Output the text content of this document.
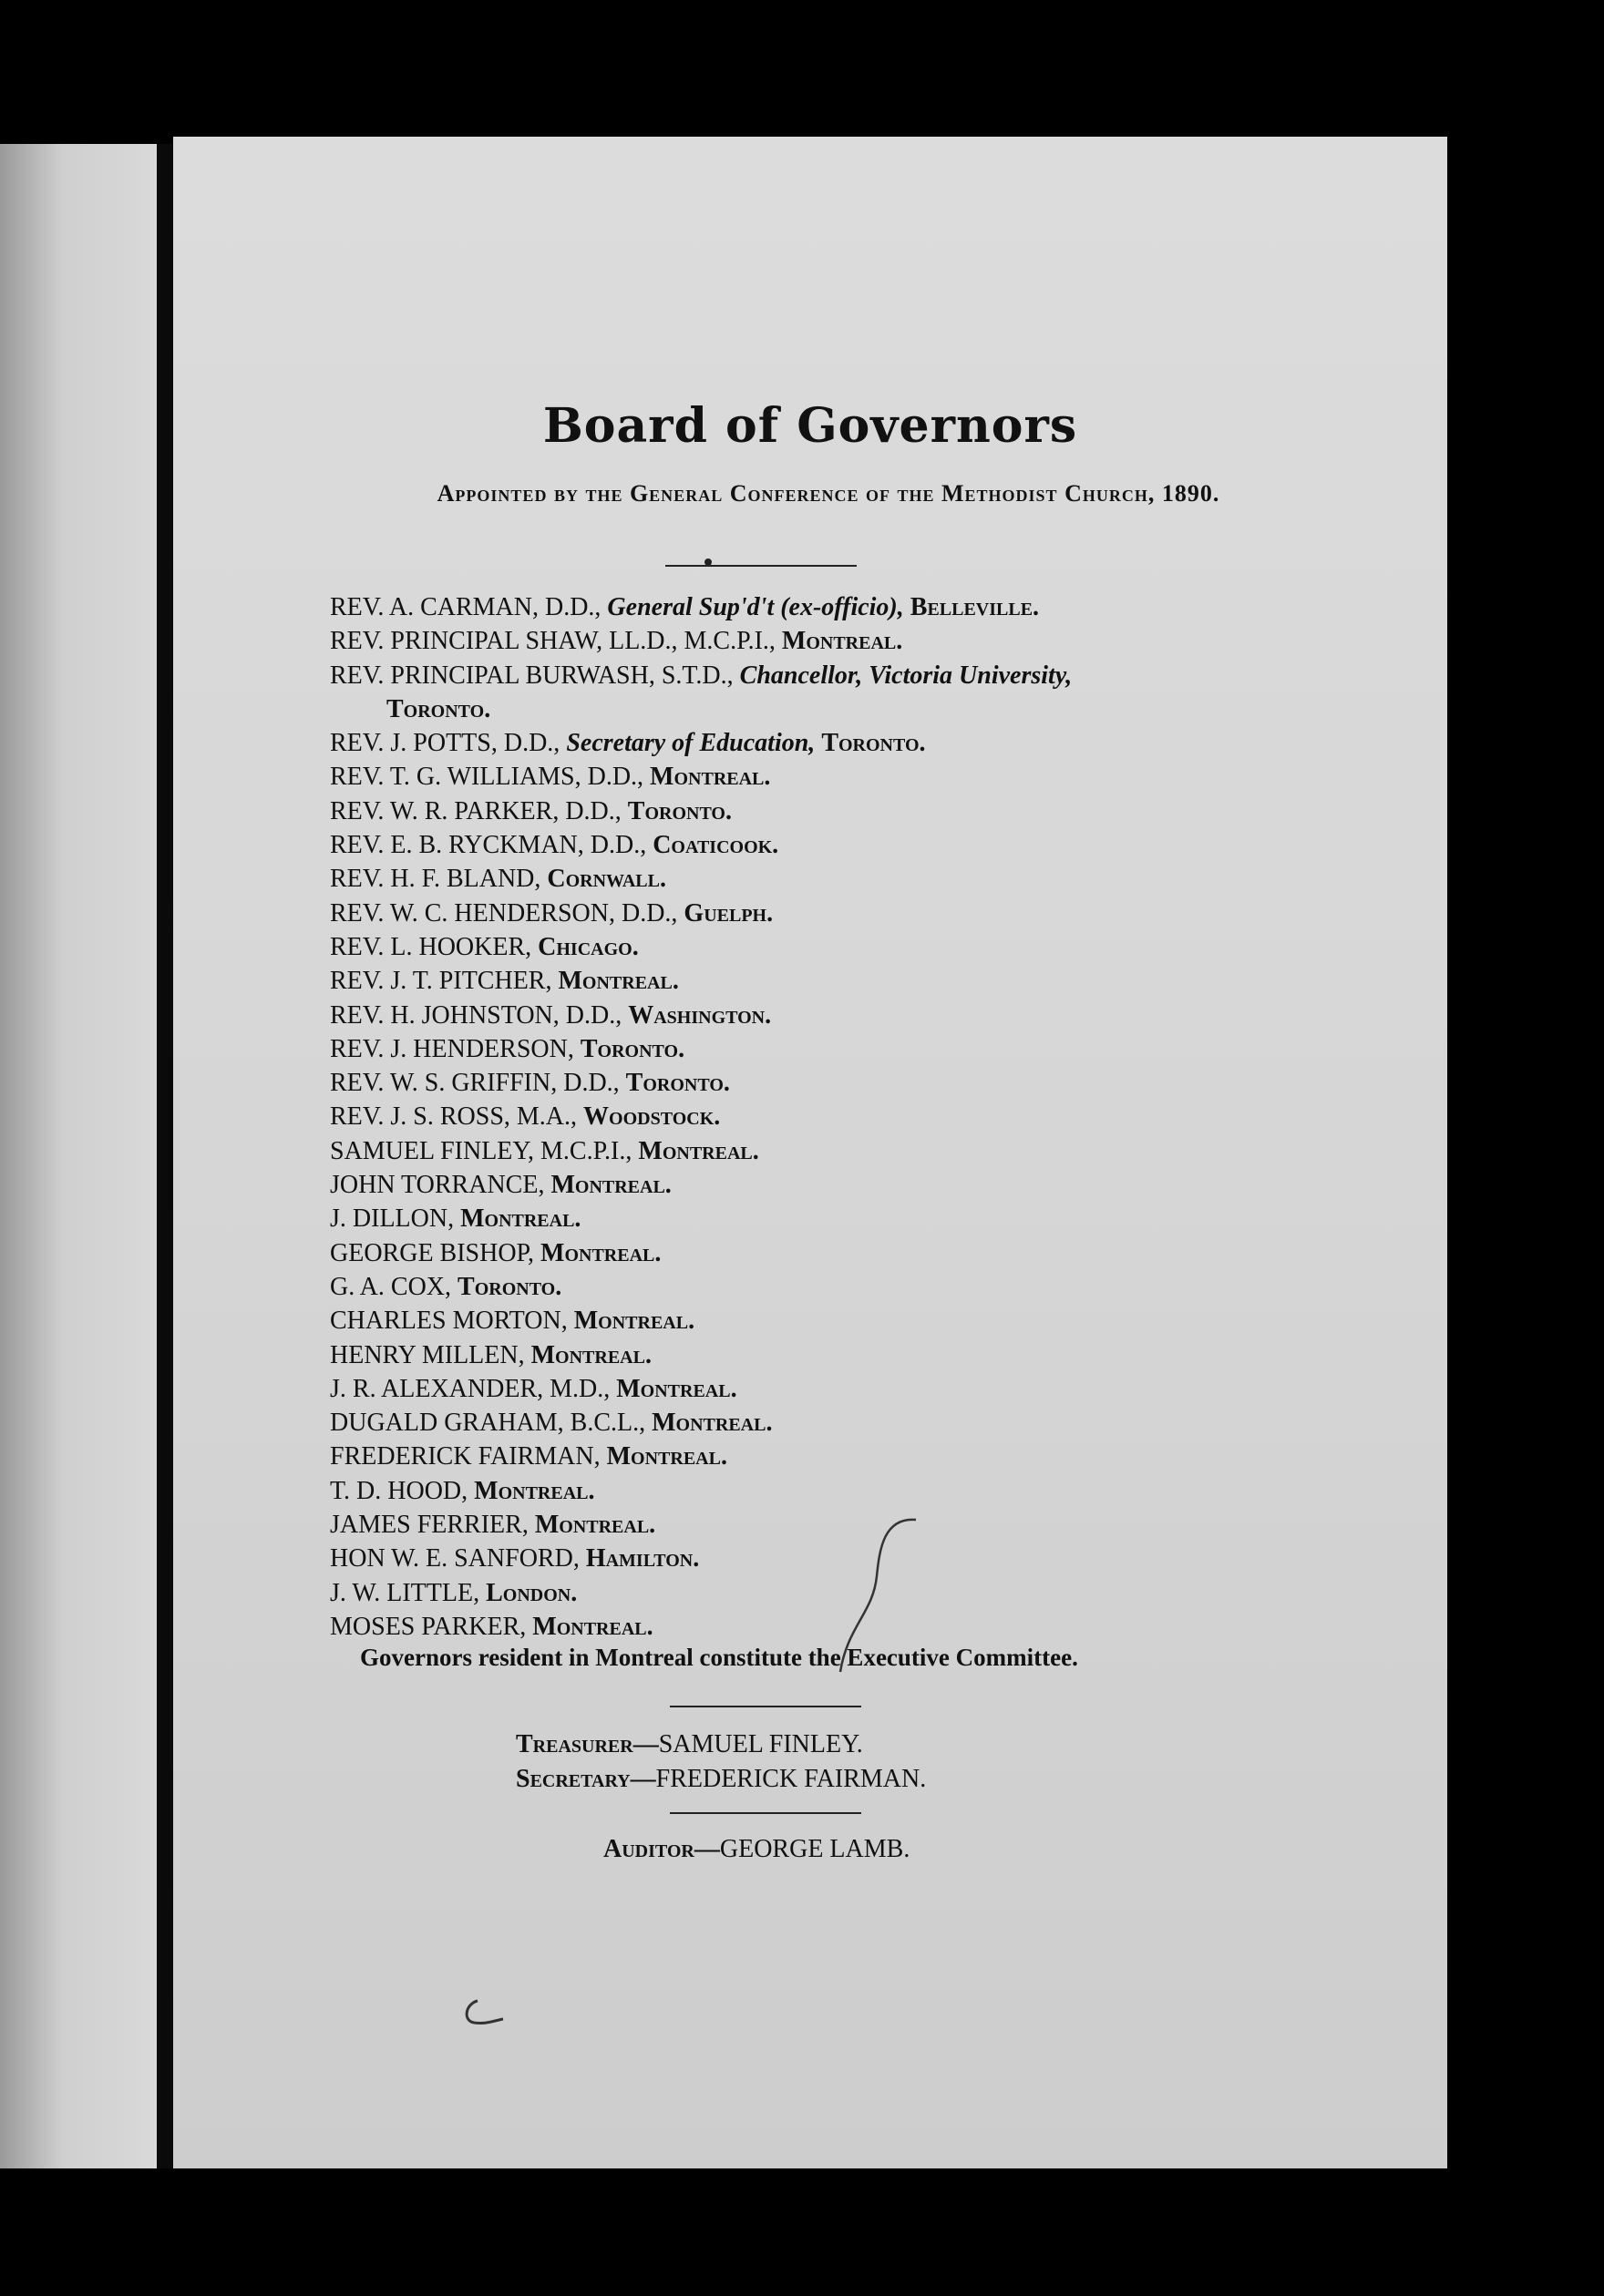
Board of Governors
Appointed by the General Conference of the Methodist Church, 1890.
REV. A. CARMAN, D.D., General Sup'd't (ex-officio), Belleville.
REV. PRINCIPAL SHAW, LL.D., M.C.P.I., Montreal.
REV. PRINCIPAL BURWASH, S.T.D., Chancellor, Victoria University,
Toronto.
REV. J. POTTS, D.D., Secretary of Education, Toronto.
REV. T. G. WILLIAMS, D.D., Montreal.
REV. W. R. PARKER, D.D., Toronto.
REV. E. B. RYCKMAN, D.D., Coaticook.
REV. H. F. BLAND, Cornwall.
REV. W. C. HENDERSON, D.D., Guelph.
REV. L. HOOKER, Chicago.
REV. J. T. PITCHER, Montreal.
REV. H. JOHNSTON, D.D., Washington.
REV. J. HENDERSON, Toronto.
REV. W. S. GRIFFIN, D.D., Toronto.
REV. J. S. ROSS, M.A., Woodstock.
SAMUEL FINLEY, M.C.P.I., Montreal.
JOHN TORRANCE, Montreal.
J. DILLON, Montreal.
GEORGE BISHOP, Montreal.
G. A. COX, Toronto.
CHARLES MORTON, Montreal.
HENRY MILLEN, Montreal.
J. R. ALEXANDER, M.D., Montreal.
DUGALD GRAHAM, B.C.L., Montreal.
FREDERICK FAIRMAN, Montreal.
T. D. HOOD, Montreal.
JAMES FERRIER, Montreal.
HON W. E. SANFORD, Hamilton.
J. W. LITTLE, London.
MOSES PARKER, Montreal.
Governors resident in Montreal constitute the Executive Committee.
Treasurer—SAMUEL FINLEY.
Secretary—FREDERICK FAIRMAN.
Auditor—GEORGE LAMB.
